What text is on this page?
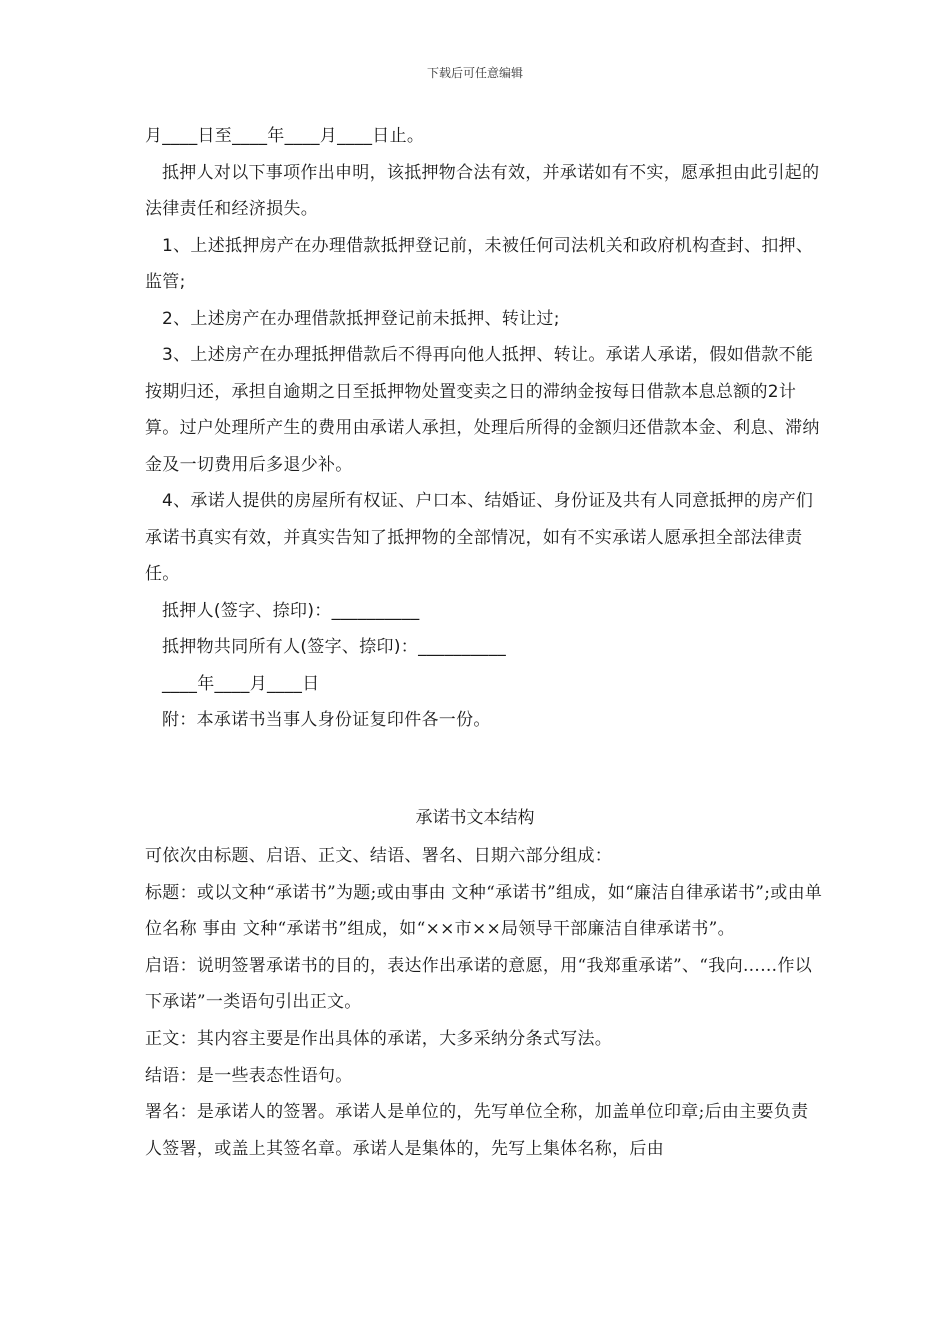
下载后可任意编辑

月____日至____年____月____日止。

抵押人对以下事项作出申明，该抵押物合法有效，并承诺如有不实，愿承担由此引起的法律责任和经济损失。

1、上述抵押房产在办理借款抵押登记前，未被任何司法机关和政府机构查封、扣押、监管;

2、上述房产在办理借款抵押登记前未抵押、转让过;

3、上述房产在办理抵押借款后不得再向他人抵押、转让。承诺人承诺，假如借款不能按期归还，承担自逾期之日至抵押物处置变卖之日的滞纳金按每日借款本息总额的2计算。过户处理所产生的费用由承诺人承担，处理后所得的金额归还借款本金、利息、滞纳金及一切费用后多退少补。

4、承诺人提供的房屋所有权证、户口本、结婚证、身份证及共有人同意抵押的房产们承诺书真实有效，并真实告知了抵押物的全部情况，如有不实承诺人愿承担全部法律责任。

抵押人(签字、捺印)：__________

抵押物共同所有人(签字、捺印)：__________

____年____月____日

附：本承诺书当事人身份证复印件各一份。

承诺书文本结构

可依次由标题、启语、正文、结语、署名、日期六部分组成：

标题：或以文种“承诺书”为题;或由事由 文种“承诺书”组成，如“廉洁自律承诺书”;或由单位名称 事由 文种“承诺书”组成，如“××市××局领导干部廉洁自律承诺书”。

启语：说明签署承诺书的目的，表达作出承诺的意愿，用“我郑重承诺”、“我向……作以下承诺”一类语句引出正文。

正文：其内容主要是作出具体的承诺，大多采纳分条式写法。

结语：是一些表态性语句。

署名：是承诺人的签署。承诺人是单位的，先写单位全称，加盖单位印章;后由主要负责人签署，或盖上其签名章。承诺人是集体的，先写上集体名称，后由
